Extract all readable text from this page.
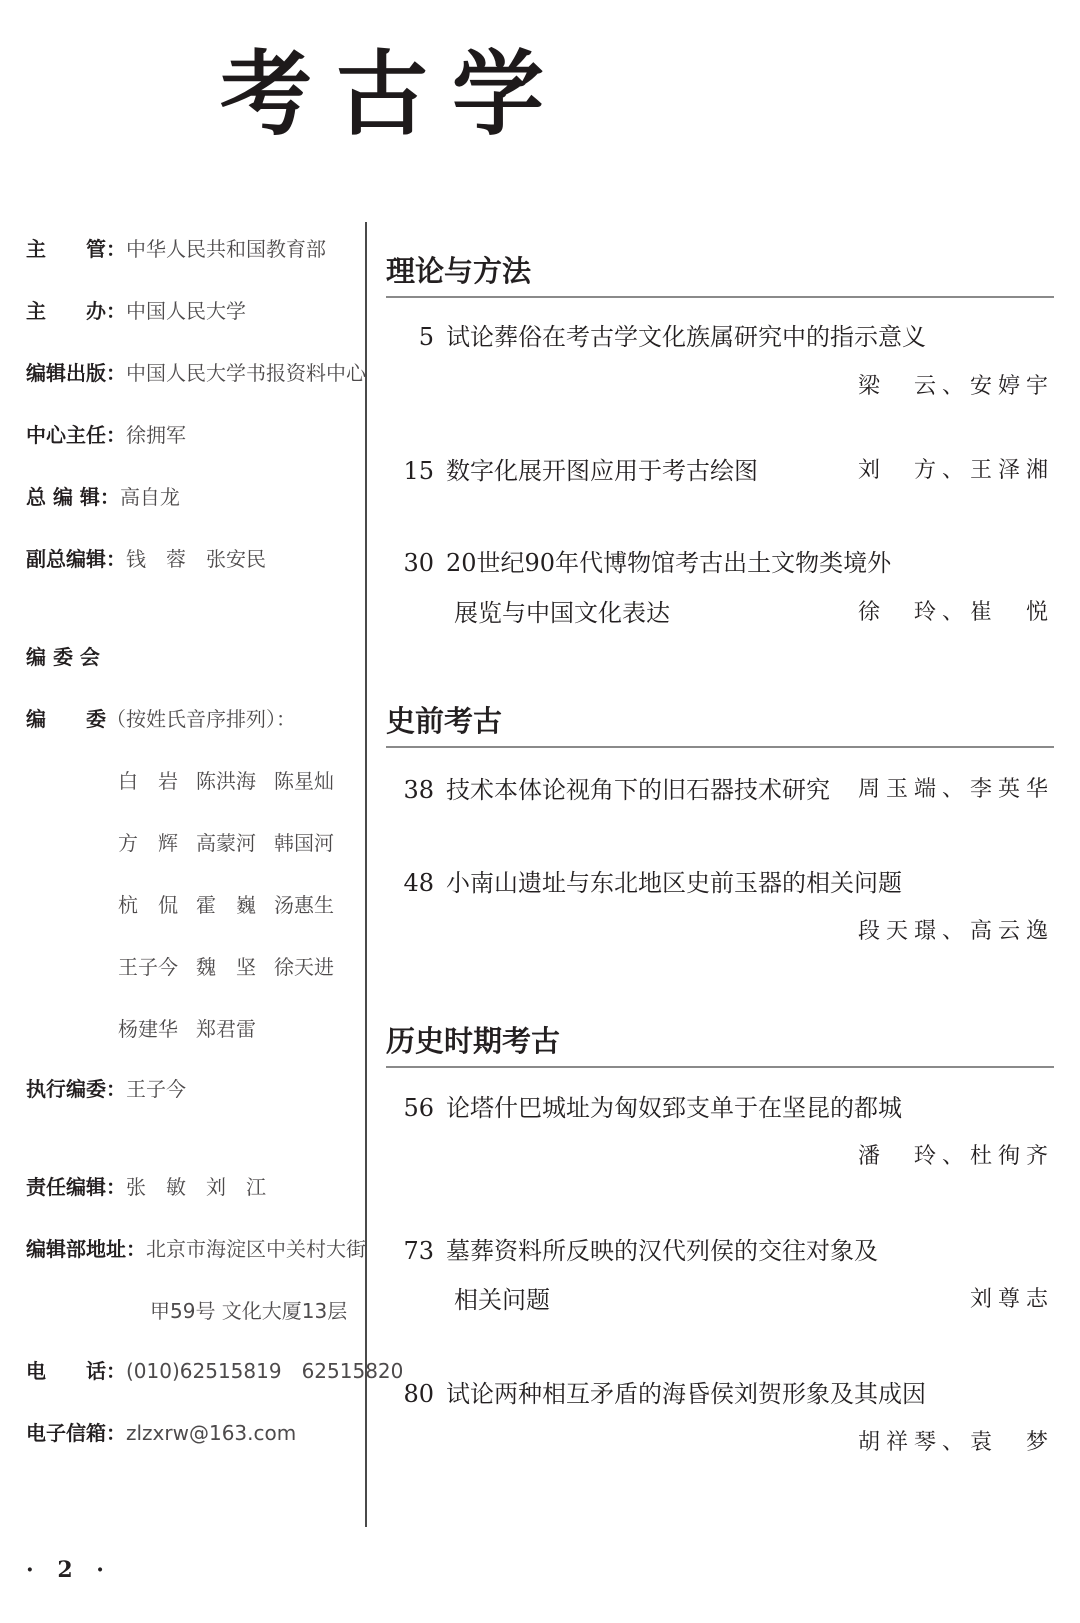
考古学
主　　管：中华人民共和国教育部
主　　办：中国人民大学
编辑出版：中国人民大学书报资料中心
中心主任：徐拥军
总 编 辑：高自龙
副总编辑：钱　蓉　张安民
编 委 会
编　　委（按姓氏音序排列）：
白　岩 陈洪海 陈星灿
方　辉 高蒙河 韩国河
杭　侃 霍　巍 汤惠生
王子今 魏　坚 徐天进
杨建华 郑君雷
执行编委：王子今
责任编辑：张　敏　刘　江
编辑部地址：北京市海淀区中关村大街
甲59号 文化大厦13层
电　　话：(010)62515819　62515820
电子信箱：zlzxrw@163.com
理论与方法
5 试论葬俗在考古学文化族属研究中的指示意义
梁　云、安婷宇
15 数字化展开图应用于考古绘图	刘　方、王泽湘
30 20世纪90年代博物馆考古出土文物类境外
展览与中国文化表达	徐　玲、崔　悦
史前考古
38 技术本体论视角下的旧石器技术研究	周玉端、李英华
48 小南山遗址与东北地区史前玉器的相关问题
段天璟、高云逸
历史时期考古
56 论塔什巴城址为匈奴郅支单于在坚昆的都城
潘　玲、杜徇齐
73 墓葬资料所反映的汉代列侯的交往对象及
相关问题	刘尊志
80 试论两种相互矛盾的海昏侯刘贺形象及其成因
胡祥琴、袁　梦
· 2 ·
